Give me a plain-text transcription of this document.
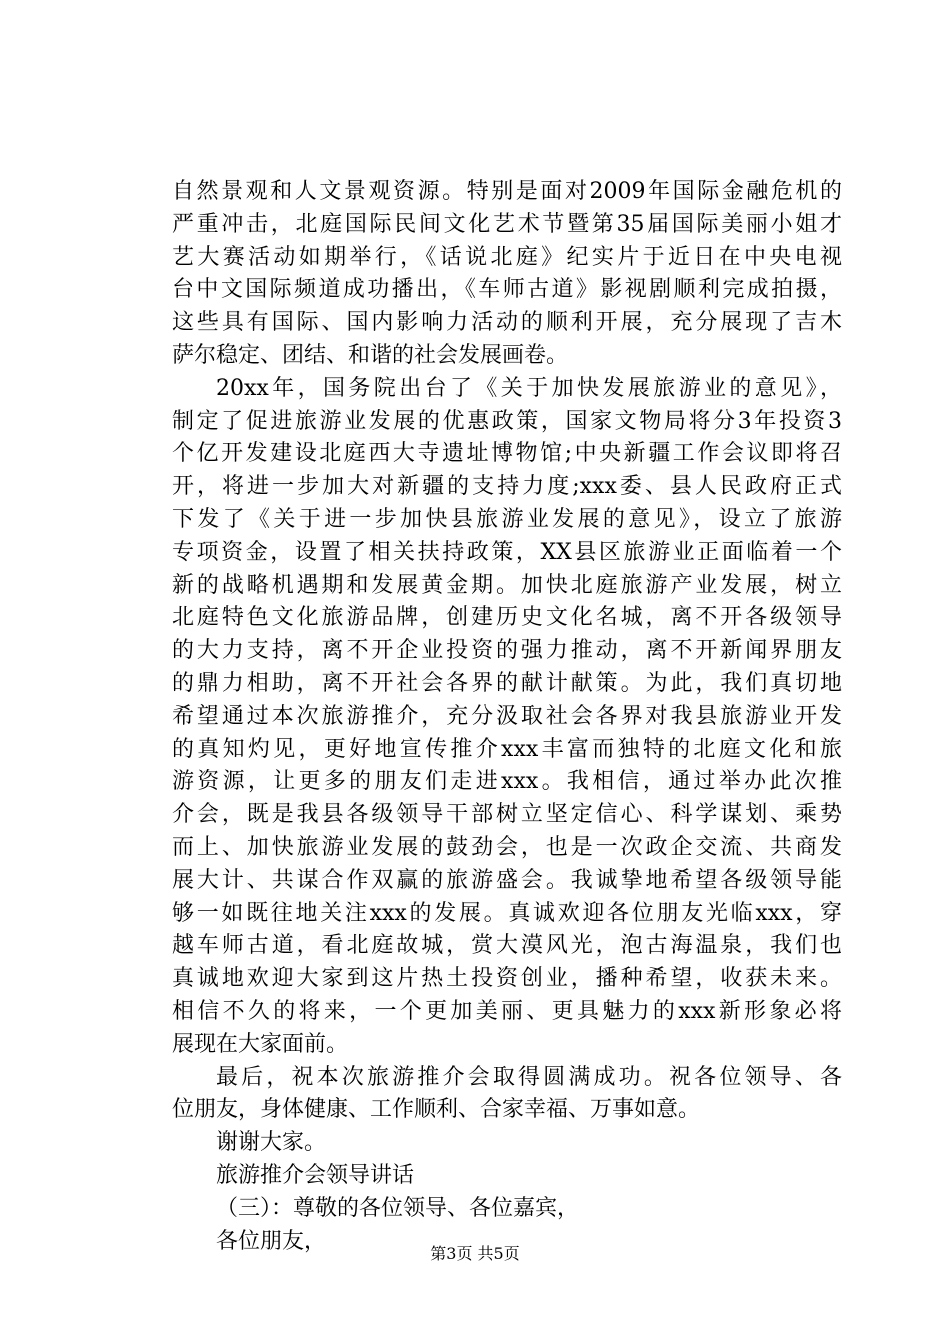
自然景观和人文景观资源。特别是面对2009年国际金融危机的
严重冲击，北庭国际民间文化艺术节暨第35届国际美丽小姐才
艺大赛活动如期举行，《话说北庭》纪实片于近日在中央电视
台中文国际频道成功播出，《车师古道》影视剧顺利完成拍摄，
这些具有国际、国内影响力活动的顺利开展，充分展现了吉木
萨尔稳定、团结、和谐的社会发展画卷。
20xx年，国务院出台了《关于加快发展旅游业的意见》，
制定了促进旅游业发展的优惠政策，国家文物局将分3年投资3
个亿开发建设北庭西大寺遗址博物馆;中央新疆工作会议即将召
开，将进一步加大对新疆的支持力度;xxx委、县人民政府正式
下发了《关于进一步加快县旅游业发展的意见》，设立了旅游
专项资金，设置了相关扶持政策，XX县区旅游业正面临着一个
新的战略机遇期和发展黄金期。加快北庭旅游产业发展，树立
北庭特色文化旅游品牌，创建历史文化名城，离不开各级领导
的大力支持，离不开企业投资的强力推动，离不开新闻界朋友
的鼎力相助，离不开社会各界的献计献策。为此，我们真切地
希望通过本次旅游推介，充分汲取社会各界对我县旅游业开发
的真知灼见，更好地宣传推介xxx丰富而独特的北庭文化和旅
游资源，让更多的朋友们走进xxx。我相信，通过举办此次推
介会，既是我县各级领导干部树立坚定信心、科学谋划、乘势
而上、加快旅游业发展的鼓劲会，也是一次政企交流、共商发
展大计、共谋合作双赢的旅游盛会。我诚挚地希望各级领导能
够一如既往地关注xxx的发展。真诚欢迎各位朋友光临xxx，穿
越车师古道，看北庭故城，赏大漠风光，泡古海温泉，我们也
真诚地欢迎大家到这片热土投资创业，播种希望，收获未来。
相信不久的将来，一个更加美丽、更具魅力的xxx新形象必将
展现在大家面前。
最后，祝本次旅游推介会取得圆满成功。祝各位领导、各
位朋友，身体健康、工作顺利、合家幸福、万事如意。
谢谢大家。
旅游推介会领导讲话
（三）：尊敬的各位领导、各位嘉宾，
各位朋友，	第3页 共5页
